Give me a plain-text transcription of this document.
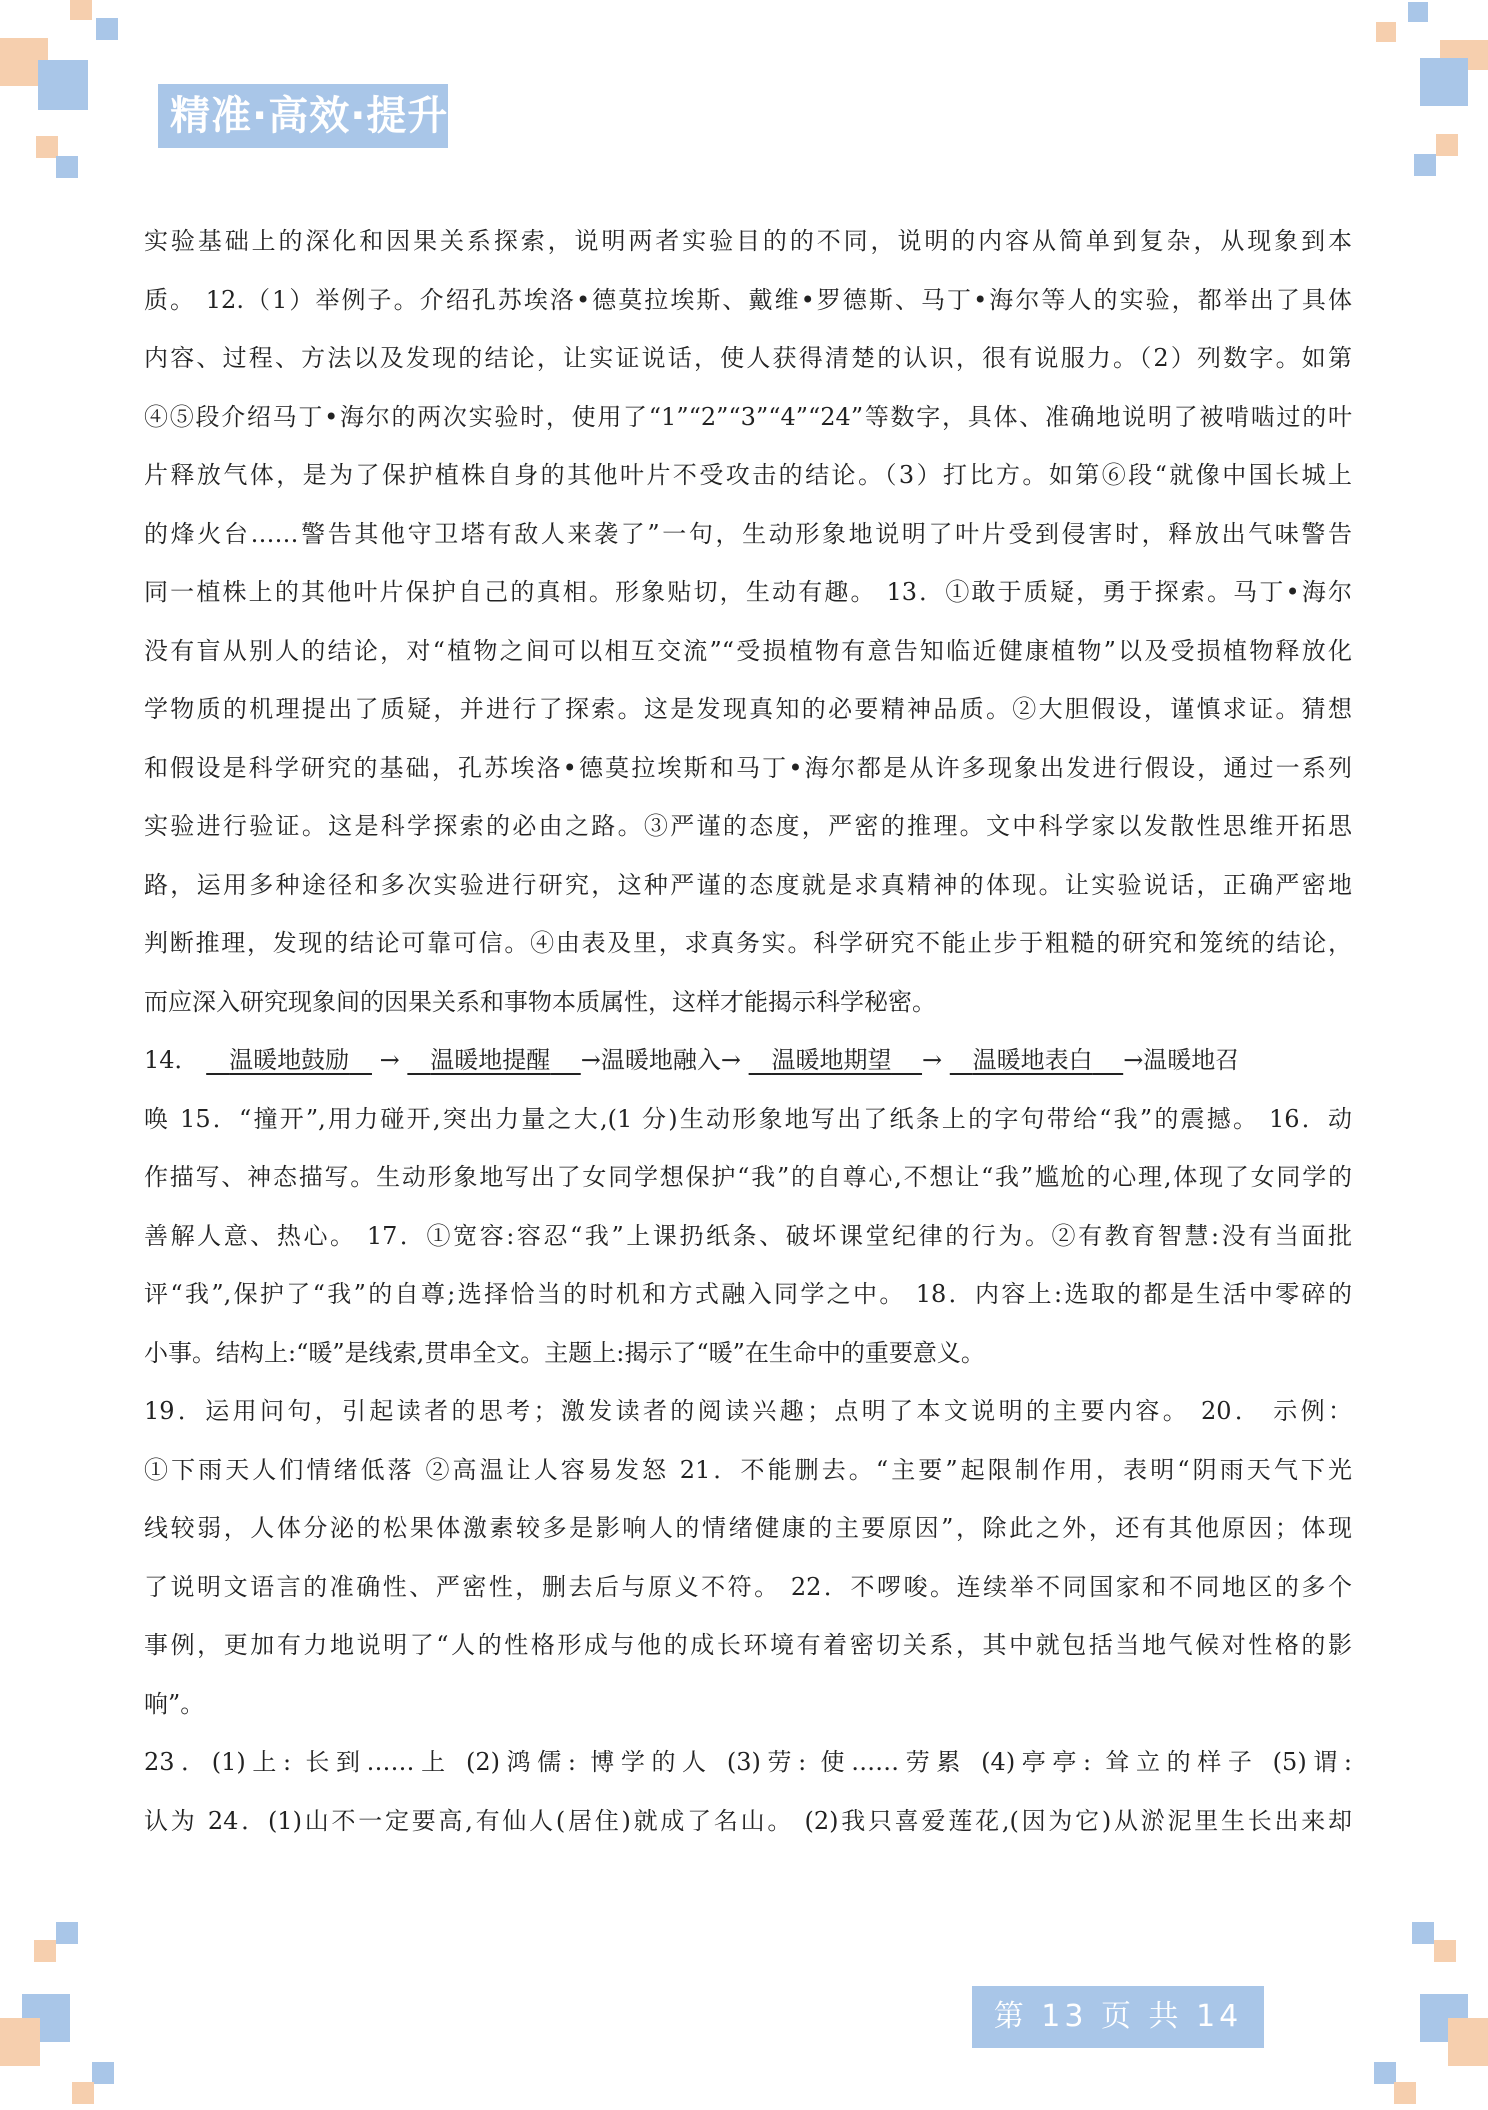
精准·高效·提升
实验基础上的深化和因果关系探索，说明两者实验目的的不同，说明的内容从简单到复杂，从现象到本
质。 12.（1）举例子。介绍孔苏埃洛•德莫拉埃斯、戴维•罗德斯、马丁•海尔等人的实验，都举出了具体
内容、过程、方法以及发现的结论，让实证说话，使人获得清楚的认识，很有说服力。（2）列数字。如第
④⑤段介绍马丁•海尔的两次实验时，使用了“1”“2”“3”“4”“24”等数字，具体、准确地说明了被啃啮过的叶
片释放气体，是为了保护植株自身的其他叶片不受攻击的结论。（3）打比方。如第⑥段“就像中国长城上
的烽火台……警告其他守卫塔有敌人来袭了”一句，生动形象地说明了叶片受到侵害时，释放出气味警告
同一植株上的其他叶片保护自己的真相。形象贴切，生动有趣。 13．①敢于质疑，勇于探索。马丁•海尔
没有盲从别人的结论，对“植物之间可以相互交流”“受损植物有意告知临近健康植物”以及受损植物释放化
学物质的机理提出了质疑，并进行了探索。这是发现真知的必要精神品质。②大胆假设，谨慎求证。猜想
和假设是科学研究的基础，孔苏埃洛•德莫拉埃斯和马丁•海尔都是从许多现象出发进行假设，通过一系列
实验进行验证。这是科学探索的必由之路。③严谨的态度，严密的推理。文中科学家以发散性思维开拓思
路，运用多种途径和多次实验进行研究，这种严谨的态度就是求真精神的体现。让实验说话，正确严密地
判断推理，发现的结论可靠可信。④由表及里，求真务实。科学研究不能止步于粗糙的研究和笼统的结论，
而应深入研究现象间的因果关系和事物本质属性，这样才能揭示科学秘密。
14． 温暖地鼓励 → 温暖地提醒 →温暖地融入→ 温暖地期望 → 温暖地表白 →温暖地召
唤 15．“撞开”,用力碰开,突出力量之大,(1 分)生动形象地写出了纸条上的字句带给“我”的震撼。 16．动
作描写、神态描写。生动形象地写出了女同学想保护“我”的自尊心,不想让“我”尴尬的心理,体现了女同学的
善解人意、热心。 17．①宽容:容忍“我”上课扔纸条、破坏课堂纪律的行为。②有教育智慧:没有当面批
评“我”,保护了“我”的自尊;选择恰当的时机和方式融入同学之中。 18．内容上:选取的都是生活中零碎的
小事。结构上:“暖”是线索,贯串全文。主题上:揭示了“暖”在生命中的重要意义。
19．运用问句，引起读者的思考；激发读者的阅读兴趣；点明了本文说明的主要内容。 20． 示例：
①下雨天人们情绪低落 ②高温让人容易发怒 21．不能删去。“主要”起限制作用，表明“阴雨天气下光
线较弱，人体分泌的松果体激素较多是影响人的情绪健康的主要原因”，除此之外，还有其他原因；体现
了说明文语言的准确性、严密性，删去后与原义不符。 22．不啰唆。连续举不同国家和不同地区的多个
事例，更加有力地说明了“人的性格形成与他的成长环境有着密切关系，其中就包括当地气候对性格的影
响”。
23．(1)上: 长到……上 (2)鸿儒: 博学的人 (3)劳: 使……劳累 (4)亭亭: 耸立的样子 (5)谓:
认为 24．(1)山不一定要高,有仙人(居住)就成了名山。 (2)我只喜爱莲花,(因为它)从淤泥里生长出来却
第 13 页 共 14 页
